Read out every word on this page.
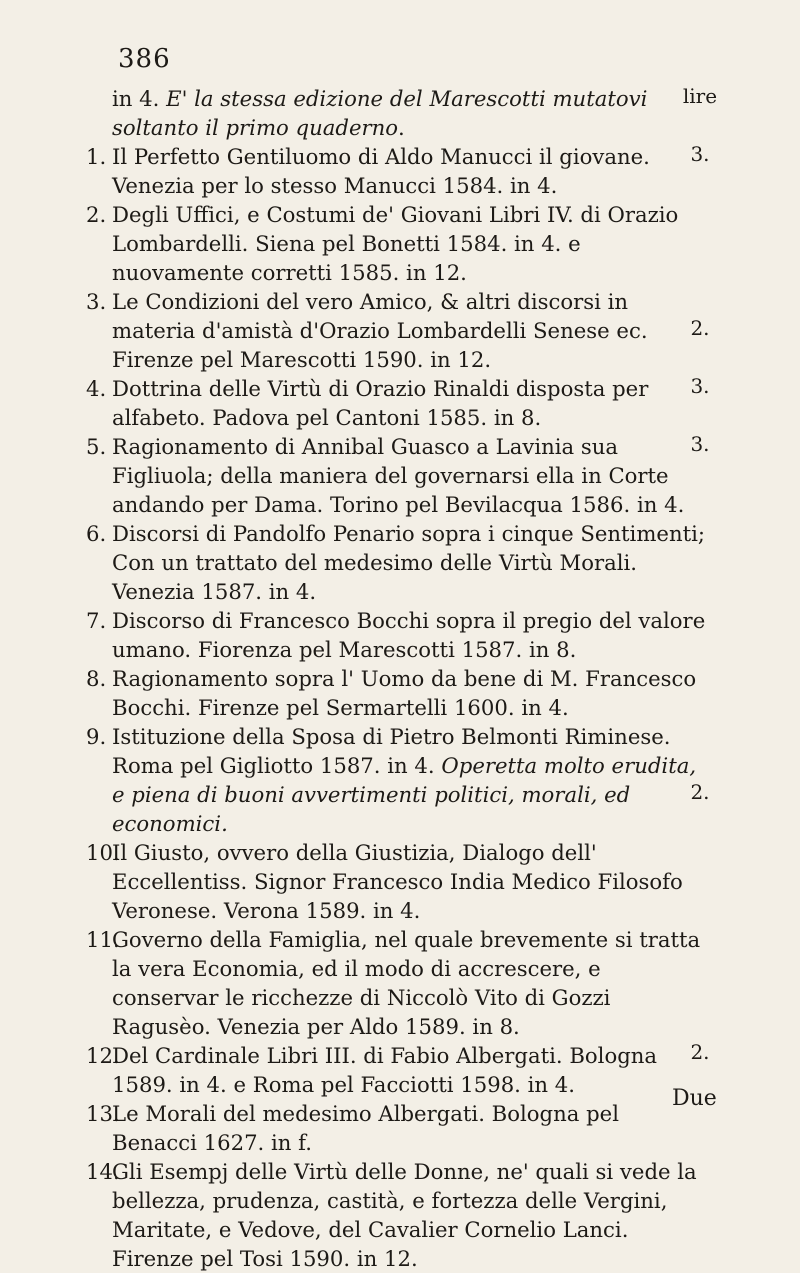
386

in 4. E' la stessa edizione del Marescotti mutatovi soltanto il primo quaderno.

1. Il Perfetto Gentiluomo di Aldo Manucci il giovane. Venezia per lo stesso Manucci 1584. in 4.
2. Degli Uffici, e Costumi de' Giovani Libri IV. di Orazio Lombardelli. Siena pel Bonetti 1584. in 4. e nuovamente corretti 1585. in 12.
3. Le Condizioni del vero Amico, & altri discorsi in materia d'amistà d'Orazio Lombardelli Senese ec. Firenze pel Marescotti 1590. in 12.
4. Dottrina delle Virtù di Orazio Rinaldi disposta per alfabeto. Padova pel Cantoni 1585. in 8.
5. Ragionamento di Annibal Guasco a Lavinia sua Figliuola; della maniera del governarsi ella in Corte andando per Dama. Torino pel Bevilacqua 1586. in 4.
6. Discorsi di Pandolfo Penario sopra i cinque Sentimenti; Con un trattato del medesimo delle Virtù Morali. Venezia 1587. in 4.
7. Discorso di Francesco Bocchi sopra il pregio del valore umano. Fiorenza pel Marescotti 1587. in 8.
8. Ragionamento sopra l' Uomo da bene di M. Francesco Bocchi. Firenze pel Sermartelli 1600. in 4.
9. Istituzione della Sposa di Pietro Belmonti Riminese. Roma pel Gigliotto 1587. in 4. Operetta molto erudita, e piena di buoni avvertimenti politici, morali, ed economici.
10.
Il Giusto, ovvero della Giustizia, Dialogo dell' Eccellentiss. Signor Francesco India Medico Filosofo Veronese. Verona 1589. in 4.
11.
Governo della Famiglia, nel quale brevemente si tratta la vera Economia, ed il modo di accrescere, e conservar le ricchezze di Niccolò Vito di Gozzi Ragusèo. Venezia per Aldo 1589. in 8.
12.
Del Cardinale Libri III. di Fabio Albergati. Bologna 1589. in 4. e Roma pel Facciotti 1598. in 4.
13.
Le Morali del medesimo Albergati. Bologna pel Benacci 1627. in f.
14.
Gli Esempj delle Virtù delle Donne, ne' quali si vede la bellezza, prudenza, castità, e fortezza delle Vergini, Maritate, e Vedove, del Cavalier Cornelio Lanci. Firenze pel Tosi 1590. in 12.
lire
3.
2.
3.
3.
2.
2.
Due
